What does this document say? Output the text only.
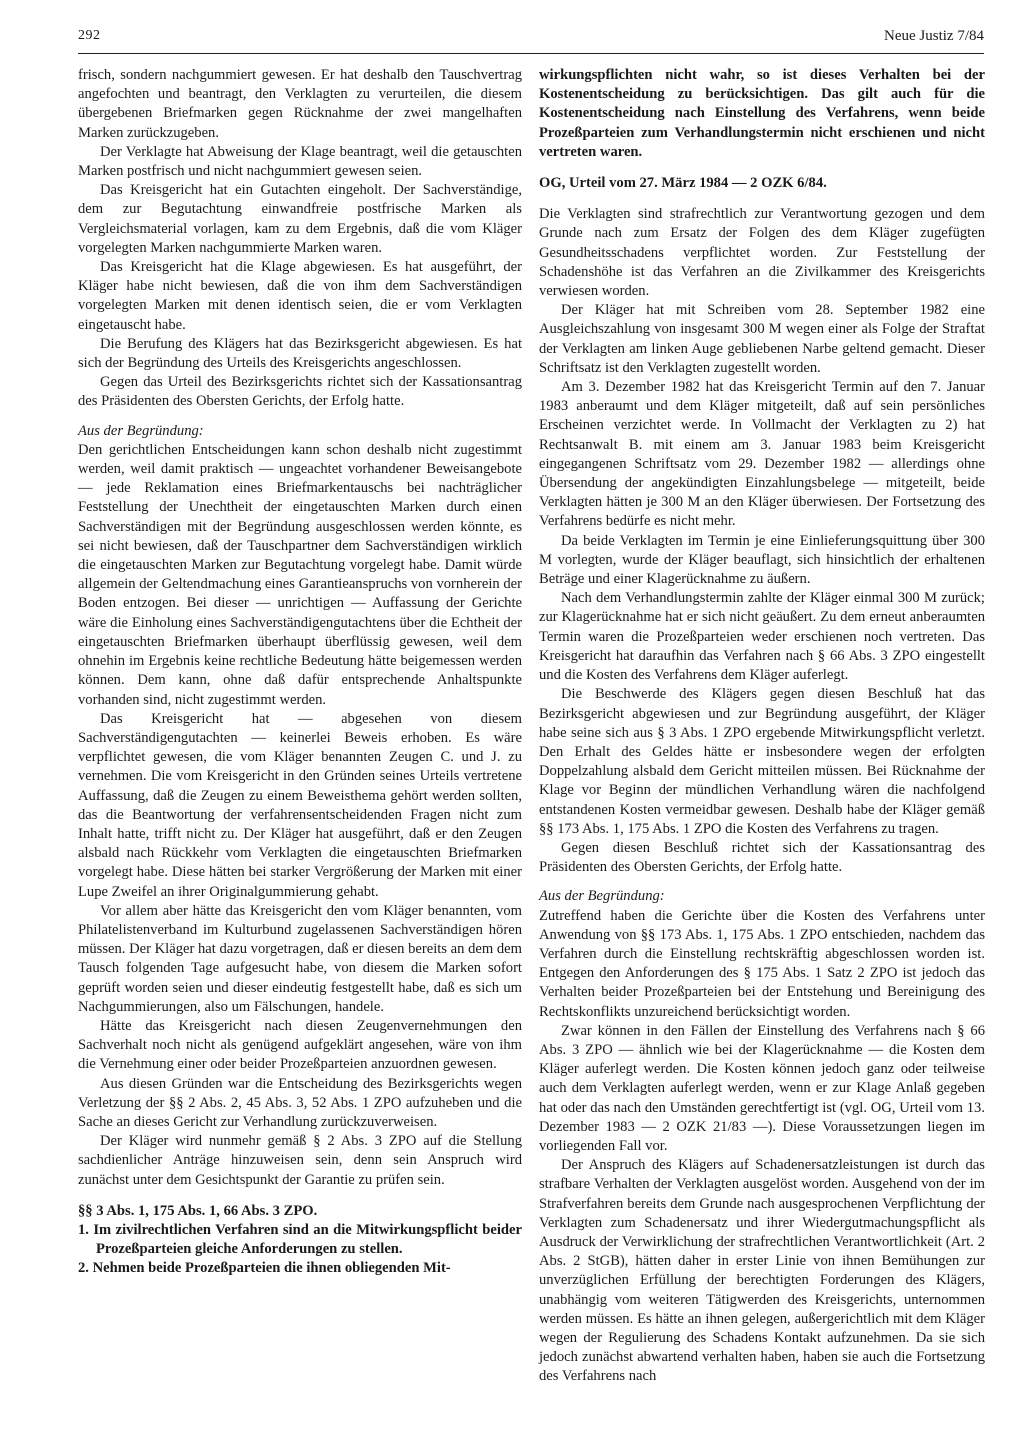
292	Neue Justiz 7/84

frisch, sondern nachgummiert gewesen. Er hat deshalb den Tauschvertrag angefochten und beantragt, den Verklagten zu verurteilen, die diesem übergebenen Briefmarken gegen Rücknahme der zwei mangelhaften Marken zurückzugeben.

Der Verklagte hat Abweisung der Klage beantragt, weil die getauschten Marken postfrisch und nicht nachgummiert gewesen seien.

Das Kreisgericht hat ein Gutachten eingeholt. Der Sachverständige, dem zur Begutachtung einwandfreie postfrische Marken als Vergleichsmaterial vorlagen, kam zu dem Ergebnis, daß die vom Kläger vorgelegten Marken nachgummierte Marken waren.

Das Kreisgericht hat die Klage abgewiesen. Es hat ausgeführt, der Kläger habe nicht bewiesen, daß die von ihm dem Sachverständigen vorgelegten Marken mit denen identisch seien, die er vom Verklagten eingetauscht habe.

Die Berufung des Klägers hat das Bezirksgericht abgewiesen. Es hat sich der Begründung des Urteils des Kreisgerichts angeschlossen.

Gegen das Urteil des Bezirksgerichts richtet sich der Kassationsantrag des Präsidenten des Obersten Gerichts, der Erfolg hatte.

Aus der Begründung:

Den gerichtlichen Entscheidungen kann schon deshalb nicht zugestimmt werden, weil damit praktisch — ungeachtet vorhandener Beweisangebote — jede Reklamation eines Briefmarkentauschs bei nachträglicher Feststellung der Unechtheit der eingetauschten Marken durch einen Sachverständigen mit der Begründung ausgeschlossen werden könnte, es sei nicht bewiesen, daß der Tauschpartner dem Sachverständigen wirklich die eingetauschten Marken zur Begutachtung vorgelegt habe. Damit würde allgemein der Geltendmachung eines Garantieanspruchs von vornherein der Boden entzogen. Bei dieser — unrichtigen — Auffassung der Gerichte wäre die Einholung eines Sachverständigengutachtens über die Echtheit der eingetauschten Briefmarken überhaupt überflüssig gewesen, weil dem ohnehin im Ergebnis keine rechtliche Bedeutung hätte beigemessen werden können. Dem kann, ohne daß dafür entsprechende Anhaltspunkte vorhanden sind, nicht zugestimmt werden.

Das Kreisgericht hat — abgesehen von diesem Sachverständigengutachten — keinerlei Beweis erhoben. Es wäre verpflichtet gewesen, die vom Kläger benannten Zeugen C. und J. zu vernehmen. Die vom Kreisgericht in den Gründen seines Urteils vertretene Auffassung, daß die Zeugen zu einem Beweisthema gehört werden sollten, das die Beantwortung der verfahrensentscheidenden Fragen nicht zum Inhalt hatte, trifft nicht zu. Der Kläger hat ausgeführt, daß er den Zeugen alsbald nach Rückkehr vom Verklagten die eingetauschten Briefmarken vorgelegt habe. Diese hätten bei starker Vergrößerung der Marken mit einer Lupe Zweifel an ihrer Originalgummierung gehabt.

Vor allem aber hätte das Kreisgericht den vom Kläger benannten, vom Philatelistenverband im Kulturbund zugelassenen Sachverständigen hören müssen. Der Kläger hat dazu vorgetragen, daß er diesen bereits an dem dem Tausch folgenden Tage aufgesucht habe, von diesem die Marken sofort geprüft worden seien und dieser eindeutig festgestellt habe, daß es sich um Nachgummierungen, also um Fälschungen, handele.

Hätte das Kreisgericht nach diesen Zeugenvernehmungen den Sachverhalt noch nicht als genügend aufgeklärt angesehen, wäre von ihm die Vernehmung einer oder beider Prozeßparteien anzuordnen gewesen.

Aus diesen Gründen war die Entscheidung des Bezirksgerichts wegen Verletzung der §§ 2 Abs. 2, 45 Abs. 3, 52 Abs. 1 ZPO aufzuheben und die Sache an dieses Gericht zur Verhandlung zurückzuverweisen.

Der Kläger wird nunmehr gemäß § 2 Abs. 3 ZPO auf die Stellung sachdienlicher Anträge hinzuweisen sein, denn sein Anspruch wird zunächst unter dem Gesichtspunkt der Garantie zu prüfen sein.

§§ 3 Abs. 1, 175 Abs. 1, 66 Abs. 3 ZPO.

1. Im zivilrechtlichen Verfahren sind an die Mitwirkungspflicht beider Prozeßparteien gleiche Anforderungen zu stellen.

2. Nehmen beide Prozeßparteien die ihnen obliegenden Mit-

wirkungspflichten nicht wahr, so ist dieses Verhalten bei der Kostenentscheidung zu berücksichtigen. Das gilt auch für die Kostenentscheidung nach Einstellung des Verfahrens, wenn beide Prozeßparteien zum Verhandlungstermin nicht erschienen und nicht vertreten waren.

OG, Urteil vom 27. März 1984 — 2 OZK 6/84.

Die Verklagten sind strafrechtlich zur Verantwortung gezogen und dem Grunde nach zum Ersatz der Folgen des dem Kläger zugefügten Gesundheitsschadens verpflichtet worden. Zur Feststellung der Schadenshöhe ist das Verfahren an die Zivilkammer des Kreisgerichts verwiesen worden.

Der Kläger hat mit Schreiben vom 28. September 1982 eine Ausgleichszahlung von insgesamt 300 M wegen einer als Folge der Straftat der Verklagten am linken Auge gebliebenen Narbe geltend gemacht. Dieser Schriftsatz ist den Verklagten zugestellt worden.

Am 3. Dezember 1982 hat das Kreisgericht Termin auf den 7. Januar 1983 anberaumt und dem Kläger mitgeteilt, daß auf sein persönliches Erscheinen verzichtet werde. In Vollmacht der Verklagten zu 2) hat Rechtsanwalt B. mit einem am 3. Januar 1983 beim Kreisgericht eingegangenen Schriftsatz vom 29. Dezember 1982 — allerdings ohne Übersendung der angekündigten Einzahlungsbelege — mitgeteilt, beide Verklagten hätten je 300 M an den Kläger überwiesen. Der Fortsetzung des Verfahrens bedürfe es nicht mehr.

Da beide Verklagten im Termin je eine Einlieferungsquittung über 300 M vorlegten, wurde der Kläger beauflagt, sich hinsichtlich der erhaltenen Beträge und einer Klagerücknahme zu äußern.

Nach dem Verhandlungstermin zahlte der Kläger einmal 300 M zurück; zur Klagerücknahme hat er sich nicht geäußert. Zu dem erneut anberaumten Termin waren die Prozeßparteien weder erschienen noch vertreten. Das Kreisgericht hat daraufhin das Verfahren nach § 66 Abs. 3 ZPO eingestellt und die Kosten des Verfahrens dem Kläger auferlegt.

Die Beschwerde des Klägers gegen diesen Beschluß hat das Bezirksgericht abgewiesen und zur Begründung ausgeführt, der Kläger habe seine sich aus § 3 Abs. 1 ZPO ergebende Mitwirkungspflicht verletzt. Den Erhalt des Geldes hätte er insbesondere wegen der erfolgten Doppelzahlung alsbald dem Gericht mitteilen müssen. Bei Rücknahme der Klage vor Beginn der mündlichen Verhandlung wären die nachfolgend entstandenen Kosten vermeidbar gewesen. Deshalb habe der Kläger gemäß §§ 173 Abs. 1, 175 Abs. 1 ZPO die Kosten des Verfahrens zu tragen.

Gegen diesen Beschluß richtet sich der Kassationsantrag des Präsidenten des Obersten Gerichts, der Erfolg hatte.

Aus der Begründung:

Zutreffend haben die Gerichte über die Kosten des Verfahrens unter Anwendung von §§ 173 Abs. 1, 175 Abs. 1 ZPO entschieden, nachdem das Verfahren durch die Einstellung rechtskräftig abgeschlossen worden ist. Entgegen den Anforderungen des § 175 Abs. 1 Satz 2 ZPO ist jedoch das Verhalten beider Prozeßparteien bei der Entstehung und Bereinigung des Rechtskonflikts unzureichend berücksichtigt worden.

Zwar können in den Fällen der Einstellung des Verfahrens nach § 66 Abs. 3 ZPO — ähnlich wie bei der Klagerücknahme — die Kosten dem Kläger auferlegt werden. Die Kosten können jedoch ganz oder teilweise auch dem Verklagten auferlegt werden, wenn er zur Klage Anlaß gegeben hat oder das nach den Umständen gerechtfertigt ist (vgl. OG, Urteil vom 13. Dezember 1983 — 2 OZK 21/83 —). Diese Voraussetzungen liegen im vorliegenden Fall vor.

Der Anspruch des Klägers auf Schadenersatzleistungen ist durch das strafbare Verhalten der Verklagten ausgelöst worden. Ausgehend von der im Strafverfahren bereits dem Grunde nach ausgesprochenen Verpflichtung der Verklagten zum Schadenersatz und ihrer Wiedergutmachungspflicht als Ausdruck der Verwirklichung der strafrechtlichen Verantwortlichkeit (Art. 2 Abs. 2 StGB), hätten daher in erster Linie von ihnen Bemühungen zur unverzüglichen Erfüllung der berechtigten Forderungen des Klägers, unabhängig vom weiteren Tätigwerden des Kreisgerichts, unternommen werden müssen. Es hätte an ihnen gelegen, außergerichtlich mit dem Kläger wegen der Regulierung des Schadens Kontakt aufzunehmen. Da sie sich jedoch zunächst abwartend verhalten haben, haben sie auch die Fortsetzung des Verfahrens nach
